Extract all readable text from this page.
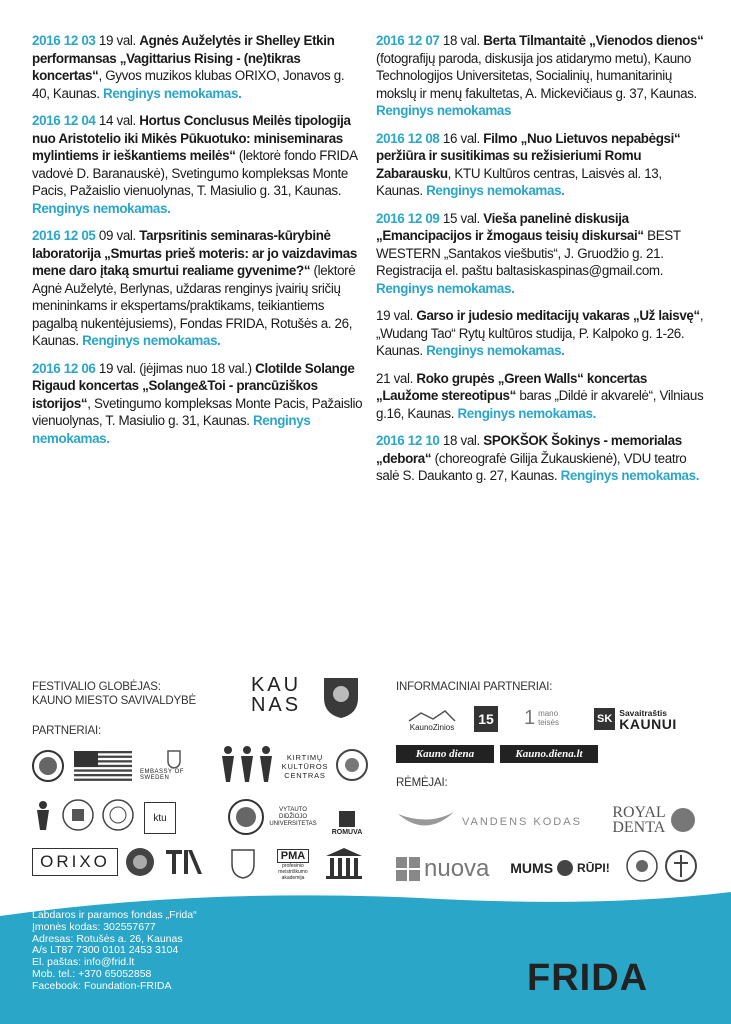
2016 12 03 19 val. Agnės Auželytės ir Shelley Etkin performansas „Vagittarius Rising - (ne)tikras koncertas“, Gyvos muzikos klubas ORIXO, Jonavos g. 40, Kaunas. Renginys nemokamas.

2016 12 04 14 val. Hortus Conclusus Meilės tipologija nuo Aristotelio iki Mikės Pūkuotuko: miniseminaras mylintiems ir ieškantiems meilės“ (lektorė fondo FRIDA vadovė D. Baranauskė), Svetingumo kompleksas Monte Pacis, Pažaislio vienuolynas, T. Masiulio g. 31, Kaunas. Renginys nemokamas.

2016 12 05 09 val. Tarpsritinis seminaras-kūrybinė laboratorija „Smurtas prieš moteris: ar jo vaizdavimas mene daro įtaką smurtui realiame gyvenime?“ (lektorė Agnė Auželytė, Berlynas, uždaras renginys įvairių sričių menininkams ir ekspertams/praktikams, teikiantiems pagalbą nukentėjusiems), Fondas FRIDA, Rotušės a. 26, Kaunas. Renginys nemokamas.

2016 12 06 19 val. (įėjimas nuo 18 val.) Clotilde Solange Rigaud koncertas „Solange&Toi - prancūziškos istorijos“, Svetingumo kompleksas Monte Pacis, Pažaislio vienuolynas, T. Masiulio g. 31, Kaunas. Renginys nemokamas.

2016 12 07 18 val. Berta Tilmantaitė „Vienodos dienos“ (fotografijų paroda, diskusija jos atidarymo metu), Kauno Technologijos Universitetas, Socialinių, humanitarinių mokslų ir menų fakultetas, A. Mickevičiaus g. 37, Kaunas. Renginys nemokamas

2016 12 08 16 val. Filmo „Nuo Lietuvos nepabėgsi“ peržiūra ir susitikimas su režisieriumi Romu Zabarausku, KTU Kultūros centras, Laisvės al. 13, Kaunas. Renginys nemokamas.

2016 12 09 15 val. Vieša panelinė diskusija „Emancipacijos ir žmogaus teisių diskursai“ BEST WESTERN „Santakos viešbutis“, J. Gruodžio g. 21. Registracija el. paštu baltasiskaspinas@gmail.com. Renginys nemokamas.

19 val. Garso ir judesio meditacijų vakaras „Už laisvę“, „Wudang Tao“ Rytų kultūros studija, P. Kalpoko g. 1-26. Kaunas. Renginys nemokamas.

21 val. Roko grupės „Green Walls“ koncertas „Laužome stereotipus“ baras „Dildė ir akvarelė“, Vilniaus g.16, Kaunas. Renginys nemokamas.

2016 12 10 18 val. SPOKŠOK Šokinys - memorialas „debora“ (choreografė Gilija Žukauskienė), VDU teatro salė S. Daukanto g. 27, Kaunas. Renginys nemokamas.

FESTIVALIO GLOBĖJAS:
KAUNO MIESTO SAVIVALDYBĖ
PARTNERIAI:
INFORMACINIAI PARTNERIAI:
RĖMĖJAI:
KAU NAS
EMBASSY OF SWEDEN
KIRTIMŲ KULTŪROS CENTRAS
ktu
VYTAUTO DIDŽIOJO UNIVERSITETAS
ROMUVA
ORIXO	PMA
profesinio meistriškumo akademija
KaunoZinios 15 1 mano teisės	SK Savaitraštis
KAUNUI
Kauno diena	Kauno.diena.lt
VANDENS KODAS
ROYAL
DENTA
nuova MUMS RŪPI!
Labdaros ir paramos fondas „Frida“
Įmonės kodas: 302557677
Adresas: Rotušės a. 26, Kaunas
A/s LT87 7300 0101 2453 3104
El. paštas: info@frid.lt
Mob. tel.: +370 65052858
Facebook: Foundation-FRIDA	FRIDA
